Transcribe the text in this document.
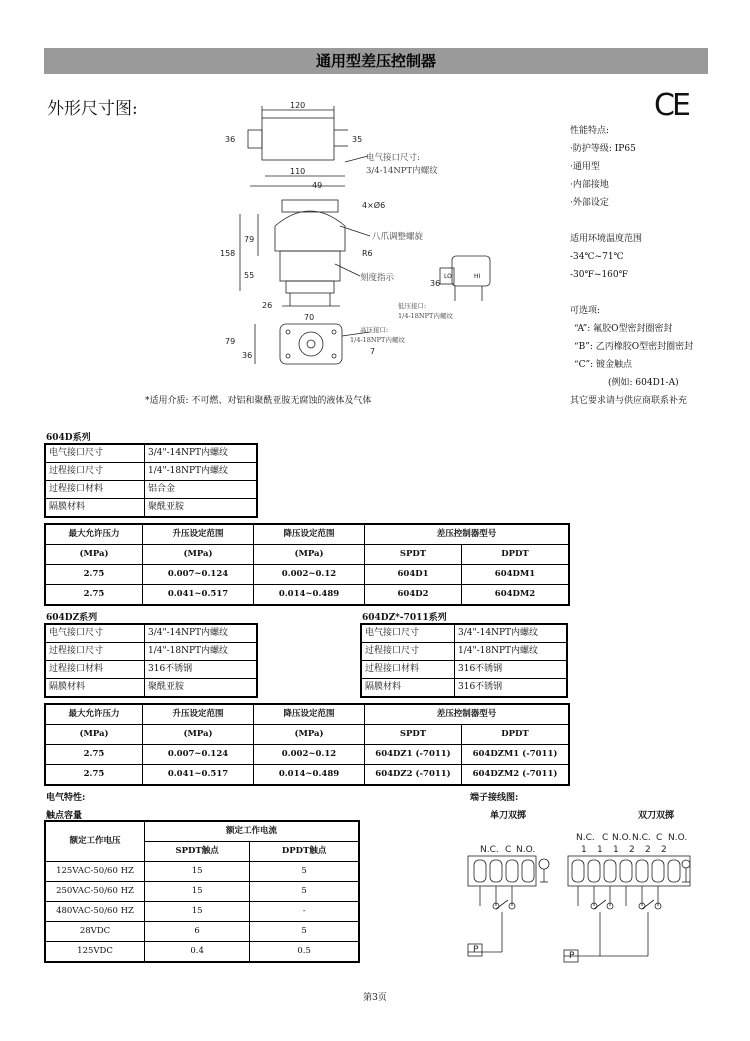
通用型差压控制器
外形尺寸图:	CE
性能特点:
·防护等级: IP65
·通用型
·内部接地
·外部设定
适用环境温度范围
-34℃~71℃
-30℉~160℉
可选项:
“A”: 氟胶O型密封圈密封
“B”: 乙丙橡胶O型密封圈密封
“C”: 镀金触点
(例如: 604D1-A)
120
36	35
110
49
4×Ø6
79
158
55
26
70
79
36
36
R6
7
LO	HI
电气接口尺寸:
3/4-14NPT内螺纹
八爪调整螺旋
刻度指示
低压接口:
1/4-18NPT内螺纹
高压接口:
1/4-18NPT内螺纹
*适用介质: 不可燃、对铝和聚酰亚胺无腐蚀的液体及气体	其它要求请与供应商联系补充
604D系列
电气接口尺寸	3/4"-14NPT内螺纹
过程接口尺寸	1/4"-18NPT内螺纹
过程接口材料	铝合金
隔膜材料	聚酰亚胺
最大允许压力	升压设定范围	降压设定范围	差压控制器型号	
(MPa)	(MPa)	(MPa)	SPDT	DPDT
2.75	0.007~0.124	0.002~0.12	604D1	604DM1
2.75	0.041~0.517	0.014~0.489	604D2	604DM2
604DZ系列
电气接口尺寸	3/4"-14NPT内螺纹
过程接口尺寸	1/4"-18NPT内螺纹
过程接口材料	316不锈钢
隔膜材料	聚酰亚胺
604DZ*-7011系列
电气接口尺寸	3/4"-14NPT内螺纹
过程接口尺寸	1/4"-18NPT内螺纹
过程接口材料	316不锈钢
隔膜材料	316不锈钢
最大允许压力	升压设定范围	降压设定范围	差压控制器型号	
(MPa)	(MPa)	(MPa)	SPDT	DPDT
2.75	0.007~0.124	0.002~0.12	604DZ1 (-7011)	604DZM1 (-7011)
2.75	0.041~0.517	0.014~0.489	604DZ2 (-7011)	604DZM2 (-7011)
电气特性:
触点容量
额定工作电压	额定工作电流	
	SPDT触点	DPDT触点
125VAC-50/60 HZ	15	5
250VAC-50/60 HZ	15	5
480VAC-50/60 HZ	15	-
28VDC	6	5
125VDC	0.4	0.5
端子接线图:
单刀双掷	双刀双掷
N.C. C N.O.
N.C. C N.O. N.C. C N.O.
1 1 1 2 2 2
P
P
第3页
